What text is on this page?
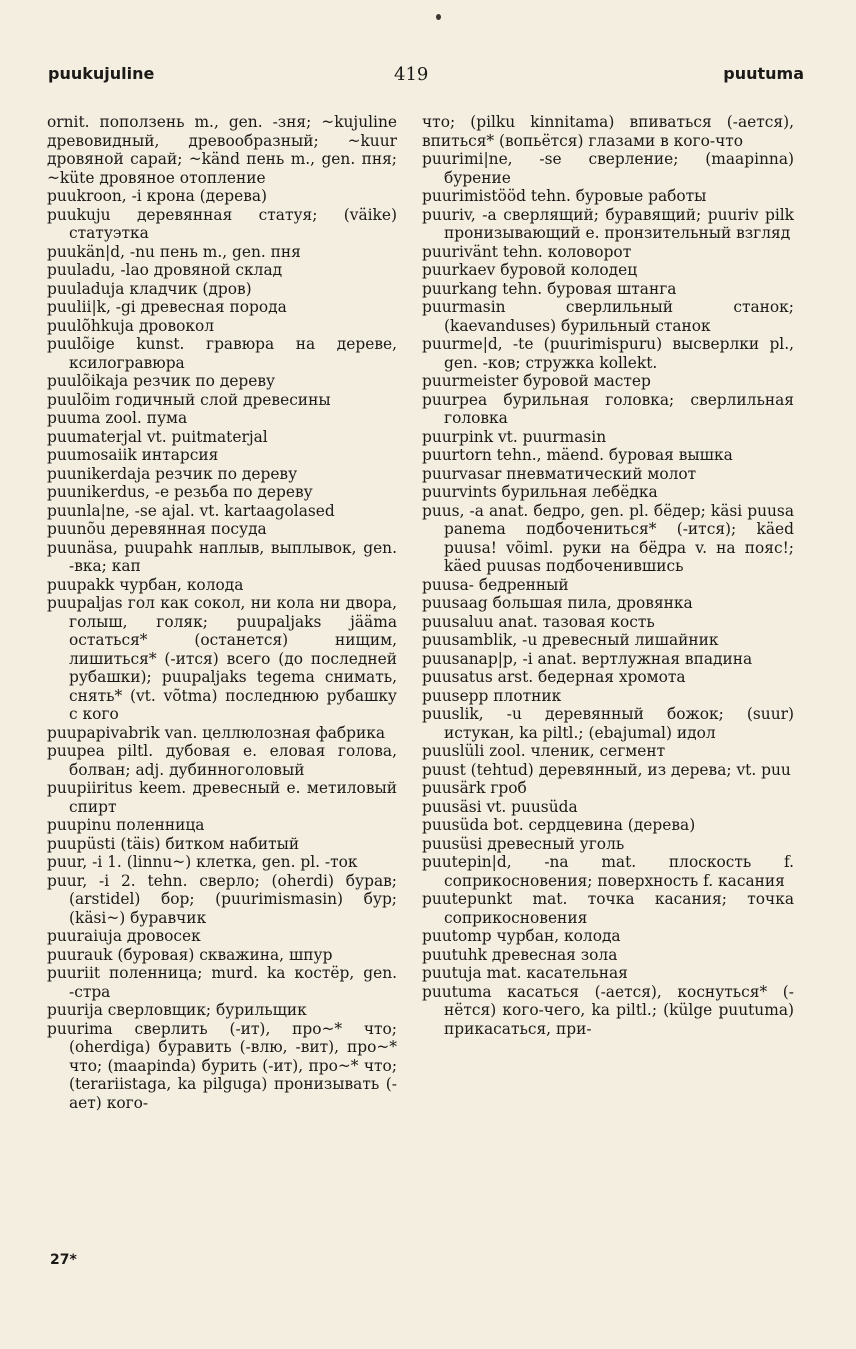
puukujuline	419	puutuma
ornit. поползень m., gen. -зня; ~kujuline древовидный, древообразный; ~kuur дровяной сарай; ~känd пень m., gen. пня; ~küte дровяное отопление
puukroon, -i крона (дерева)
puukuju деревянная статуя; (väike) статуэтка
puukän|d, -nu пень m., gen. пня
puuladu, -lao дровяной склад
puuladuja кладчик (дров)
puulii|k, -gi древесная порода
puulõhkuja дровокол
puulõige kunst. гравюра на дереве, ксилогравюра
puulõikaja резчик по дереву
puulõim годичный слой древесины
puuma zool. пума
puumaterjal vt. puitmaterjal
puumosaiik интарсия
puunikerdaja резчик по дереву
puunikerdus, -e резьба по дереву
puunla|ne, -se ajal. vt. kartaagolased
puunõu деревянная посуда
puunäsa, puupahk наплыв, выплывок, gen. -вка; кап
puupakk чурбан, колода
puupaljas гол как сокол, ни кола ни двора, голыш, голяк; puupaljaks jääma остаться* (останется) нищим, лишиться* (-ится) всего (до последней рубашки); puupaljaks tegema снимать, снять* (vt. võtma) последнюю рубашку с кого
puupapivabrik van. целлюлозная фабрика
puupea piltl. дубовая e. еловая голова, болван; adj. дубинноголовый
puupiiritus keem. древесный e. метиловый спирт
puupinu поленница
puupüsti (täis) битком набитый
puur, -i 1. (linnu~) клетка, gen. pl. -ток
puur, -i 2. tehn. сверло; (oherdi) бурав; (arstidel) бор; (puurimismasin) бур; (käsi~) буравчик
puuraiuja дровосек
puurauk (буровая) скважина, шпур
puuriit поленница; murd. ka костёр, gen. -стра
puurija сверловщик; бурильщик
puurima сверлить (-ит), про~* что; (oherdiga) буравить (-влю, -вит), про~* что; (maapinda) бурить (-ит), про~* что; (terariistaga, ka pilguga) пронизывать (-ает) кого-
что; (pilku kinnitama) впиваться (-ается), впиться* (вопьётся) глазами в кого-что
puurimi|ne, -se сверление; (maapinna) бурение
puurimistööd tehn. буровые работы
puuriv, -a сверлящий; буравящий; puuriv pilk пронизывающий e. пронзительный взгляд
puurivänt tehn. коловорот
puurkaev буровой колодец
puurkang tehn. буровая штанга
puurmasin сверлильный станок; (kaevanduses) бурильный станок
puurme|d, -te (puurimispuru) высверлки pl., gen. -ков; стружка kollekt.
puurmeister буровой мастер
puurpea бурильная головка; сверлильная головка
puurpink vt. puurmasin
puurtorn tehn., mäend. буровая вышка
puurvasar пневматический молот
puurvints бурильная лебёдка
puus, -a anat. бедро, gen. pl. бёдер; käsi puusa panema подбоченитьcя* (-ится); käed puusa! võiml. руки на бёдра v. на пояс!; käed puusas подбоченившись
puusa- бедренный
puusaag большая пила, дровянка
puusaluu anat. тазовая кость
puusamblik, -u древесный лишайник
puusanap|p, -i anat. вертлужная впадина
puusatus arst. бедерная хромота
puusepp плотник
puuslik, -u деревянный божок; (suur) истукан, ka piltl.; (ebajumal) идол
puuslüli zool. членик, сегмент
puust (tehtud) деревянный, из дерева; vt. puu
puusärk гроб
puusäsi vt. puusüda
puusüda bot. сердцевина (дерева)
puusüsi древесный уголь
puutepin|d, -na mat. плоскость f. соприкосновения; поверхность f. касания
puutepunkt mat. точка касания; точка соприкосновения
puutomp чурбан, колода
puutuhk древесная зола
puutuja mat. касательная
puutuma касаться (-ается), коснуться* (-нётся) кого-чего, ka piltl.; (külge puutuma) прикасаться, при-
27*
